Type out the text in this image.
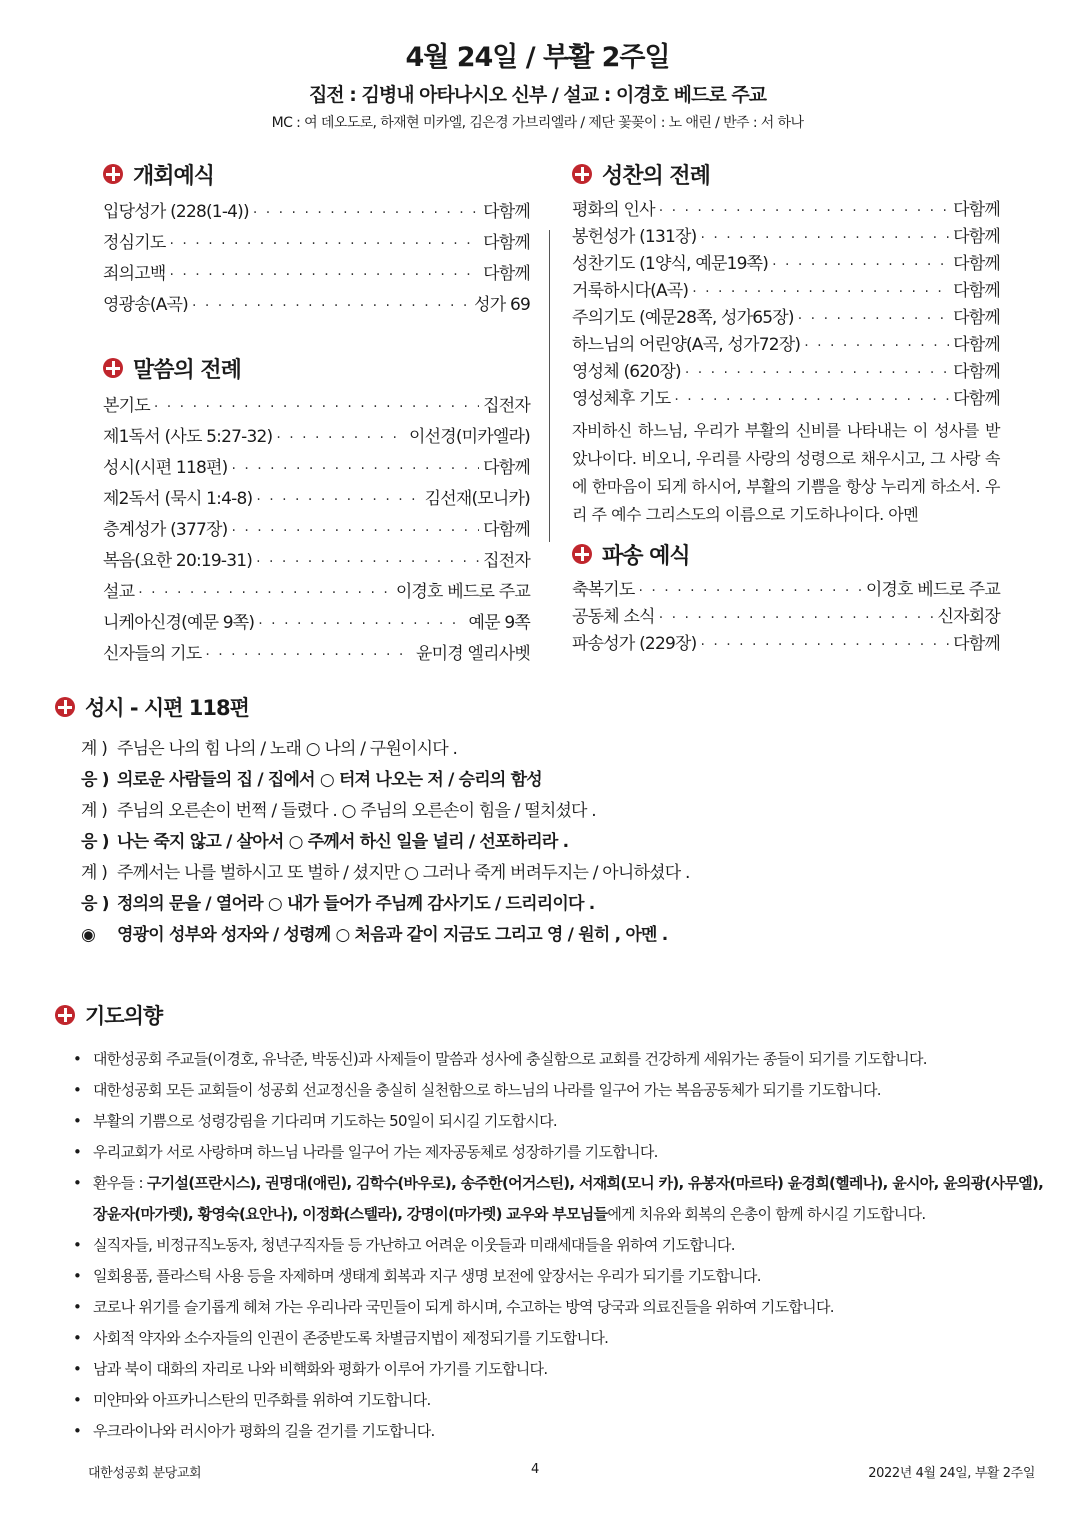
4월 24일 / 부활 2주일
집전 : 김병내 아타나시오 신부 / 설교 : 이경호 베드로 주교
MC : 여 데오도로, 하재현 미카엘, 김은경 가브리엘라 / 제단 꽃꽂이 : 노 애린 / 반주 : 서 하나
개회예식
입당성가 (228(1-4)) · · ·	다함께
정심기도 · · ·	다함께
죄의고백 · · ·	다함께
영광송(A곡) · · ·	성가 69
말씀의 전례
본기도 · · ·	집전자
제1독서 (사도 5:27-32) · · ·	이선경(미카엘라)
성시(시편 118편) · · ·	다함께
제2독서 (묵시 1:4-8) · · ·	김선재(모니카)
층계성가 (377장) · · ·	다함께
복음(요한 20:19-31) · · ·	집전자
설교 · · ·	이경호 베드로 주교
니케아신경(예문 9쪽) · · ·	예문 9쪽
신자들의 기도 · · ·	윤미경 엘리사벳
성찬의 전례
평화의 인사 · · ·	다함께
봉헌성가 (131장) · · ·	다함께
성찬기도 (1양식, 예문19쪽) · · ·	다함께
거룩하시다(A곡) · · ·	다함께
주의기도 (예문28쪽, 성가65장) · · ·	다함께
하느님의 어린양(A곡, 성가72장) · · ·	다함께
영성체 (620장) · · ·	다함께
영성체후 기도 · · ·	다함께
자비하신 하느님, 우리가 부활의 신비를 나타내는 이 성사를 받았나이다. 비오니, 우리를 사랑의 성령으로 채우시고, 그 사랑 속에 한마음이 되게 하시어, 부활의 기쁨을 항상 누리게 하소서. 우리 주 예수 그리스도의 이름으로 기도하나이다. 아멘
파송 예식
축복기도 · · ·	이경호 베드로 주교
공동체 소식 · · ·	신자회장
파송성가 (229장) · · ·	다함께
성시 - 시편 118편
계 ) 주님은 나의 힘 나의 / 노래 ○ 나의 / 구원이시다 .
응 ) 의로운 사람들의 집 / 집에서 ○ 터져 나오는 저 / 승리의 함성
계 ) 주님의 오른손이 번쩍 / 들렸다 . ○ 주님의 오른손이 힘을 / 떨치셨다 .
응 ) 나는 죽지 않고 / 살아서 ○ 주께서 하신 일을 널리 / 선포하리라 .
계 ) 주께서는 나를 벌하시고 또 벌하 / 셨지만 ○ 그러나 죽게 버려두지는 / 아니하셨다 .
응 ) 정의의 문을 / 열어라 ○ 내가 들어가 주님께 감사기도 / 드리리이다 .
◉ 영광이 성부와 성자와 / 성령께 ○ 처음과 같이 지금도 그리고 영 / 원히 , 아멘 .
기도의향
• 대한성공회 주교들(이경호, 유낙준, 박동신)과 사제들이 말씀과 성사에 충실함으로 교회를 건강하게 세워가는 종들이 되기를 기도합니다.
• 대한성공회 모든 교회들이 성공회 선교정신을 충실히 실천함으로 하느님의 나라를 일구어 가는 복음공동체가 되기를 기도합니다.
• 부활의 기쁨으로 성령강림을 기다리며 기도하는 50일이 되시길 기도합시다.
• 우리교회가 서로 사랑하며 하느님 나라를 일구어 가는 제자공동체로 성장하기를 기도합니다.
• 환우들 : 구기설(프란시스), 권명대(애린), 김학수(바우로), 송주한(어거스틴), 서재희(모니 카), 유봉자(마르타) 윤경희(헬레나), 윤시아, 윤의광(사무엘), 장윤자(마가렛), 황영숙(요안나), 이정화(스텔라), 강명이(마가렛) 교우와 부모님들에게 치유와 회복의 은총이 함께 하시길 기도합니다.
• 실직자들, 비정규직노동자, 청년구직자들 등 가난하고 어려운 이웃들과 미래세대들을 위하여 기도합니다.
• 일회용품, 플라스틱 사용 등을 자제하며 생태계 회복과 지구 생명 보전에 앞장서는 우리가 되기를 기도합니다.
• 코로나 위기를 슬기롭게 헤쳐 가는 우리나라 국민들이 되게 하시며, 수고하는 방역 당국과 의료진들을 위하여 기도합니다.
• 사회적 약자와 소수자들의 인권이 존중받도록 차별금지법이 제정되기를 기도합니다.
• 남과 북이 대화의 자리로 나와 비핵화와 평화가 이루어 가기를 기도합니다.
• 미얀마와 아프카니스탄의 민주화를 위하여 기도합니다.
• 우크라이나와 러시아가 평화의 길을 걷기를 기도합니다.
대한성공회 분당교회	4	2022년 4월 24일, 부활 2주일
